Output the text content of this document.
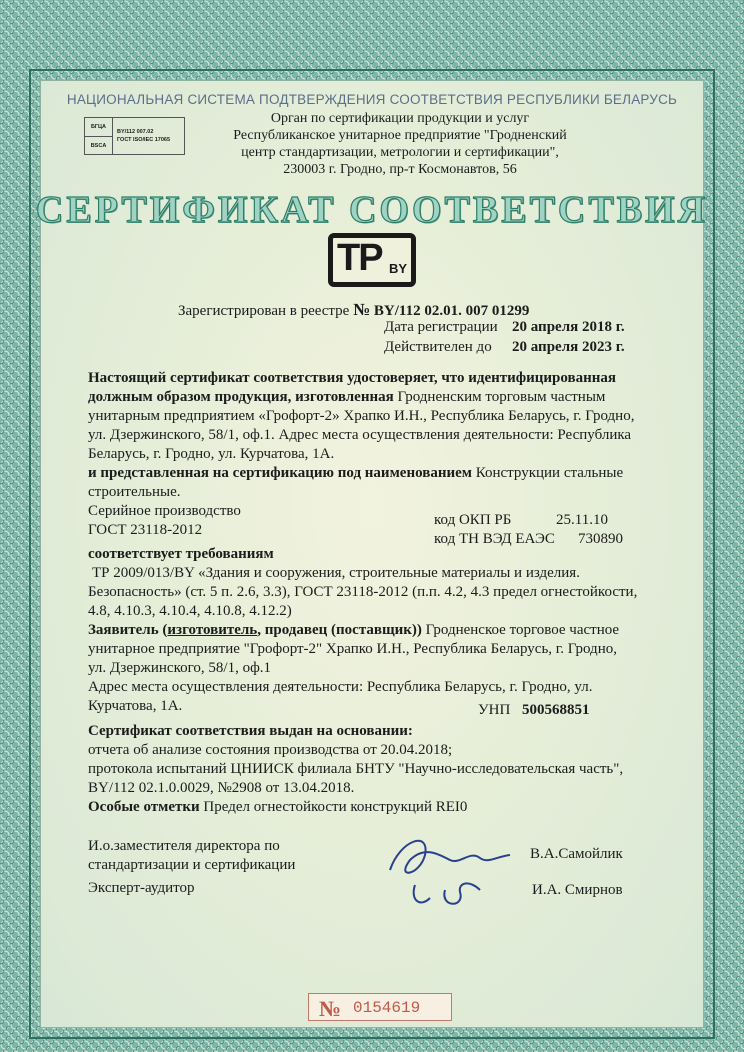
НАЦИОНАЛЬНАЯ СИСТЕМА ПОДТВЕРЖДЕНИЯ СООТВЕТСТВИЯ РЕСПУБЛИКИ БЕЛАРУСЬ
БГЦА
BSCA
BY/112 007.02
ГОСТ ISO/IEC 17065
Орган по сертификации продукции и услуг
Республиканское унитарное предприятие "Гродненский
центр стандартизации, метрологии и сертификации",
230003 г. Гродно, пр-т Космонавтов, 56
СЕРТИФИКАТ СООТВЕТСТВИЯ
TP BY
Зарегистрирован в реестре № BY/112 02.01. 007 01299
Дата регистрации 20 апреля 2018 г.
Действителен до 20 апреля 2023 г.
Настоящий сертификат соответствия удостоверяет, что идентифицированная
должным образом продукция, изготовленная Гродненским торговым частным
унитарным предприятием «Грофорт-2» Храпко И.Н., Республика Беларусь, г. Гродно,
ул. Дзержинского, 58/1, оф.1. Адрес места осуществления деятельности: Республика
Беларусь, г. Гродно, ул. Курчатова, 1А.
и представленная на сертификацию под наименованием Конструкции стальные
строительные.
Серийное производство
ГОСТ 23118-2012
код ОКП РБ	25.11.10
код ТН ВЭД ЕАЭС 730890
соответствует требованиям
ТР 2009/013/BY «Здания и сооружения, строительные материалы и изделия.
Безопасность» (ст. 5 п. 2.6, 3.3), ГОСТ 23118-2012 (п.п. 4.2, 4.3 предел огнестойкости,
4.8, 4.10.3, 4.10.4, 4.10.8, 4.12.2)
Заявитель (изготовитель, продавец (поставщик)) Гродненское торговое частное
унитарное предприятие "Грофорт-2" Храпко И.Н., Республика Беларусь, г. Гродно,
ул. Дзержинского, 58/1, оф.1
Адрес места осуществления деятельности: Республика Беларусь, г. Гродно, ул.
Курчатова, 1А.	УНП 500568851
Сертификат соответствия выдан на основании:
отчета об анализе состояния производства от 20.04.2018;
протокола испытаний ЦНИИСК филиала БНТУ "Научно-исследовательская часть",
BY/112 02.1.0.0029, №2908 от 13.04.2018.
Особые отметки Предел огнестойкости конструкций REI0
И.о.заместителя директора по
стандартизации и сертификации
В.А.Самойлик
Эксперт-аудитор	И.А. Смирнов
№ 0154619
